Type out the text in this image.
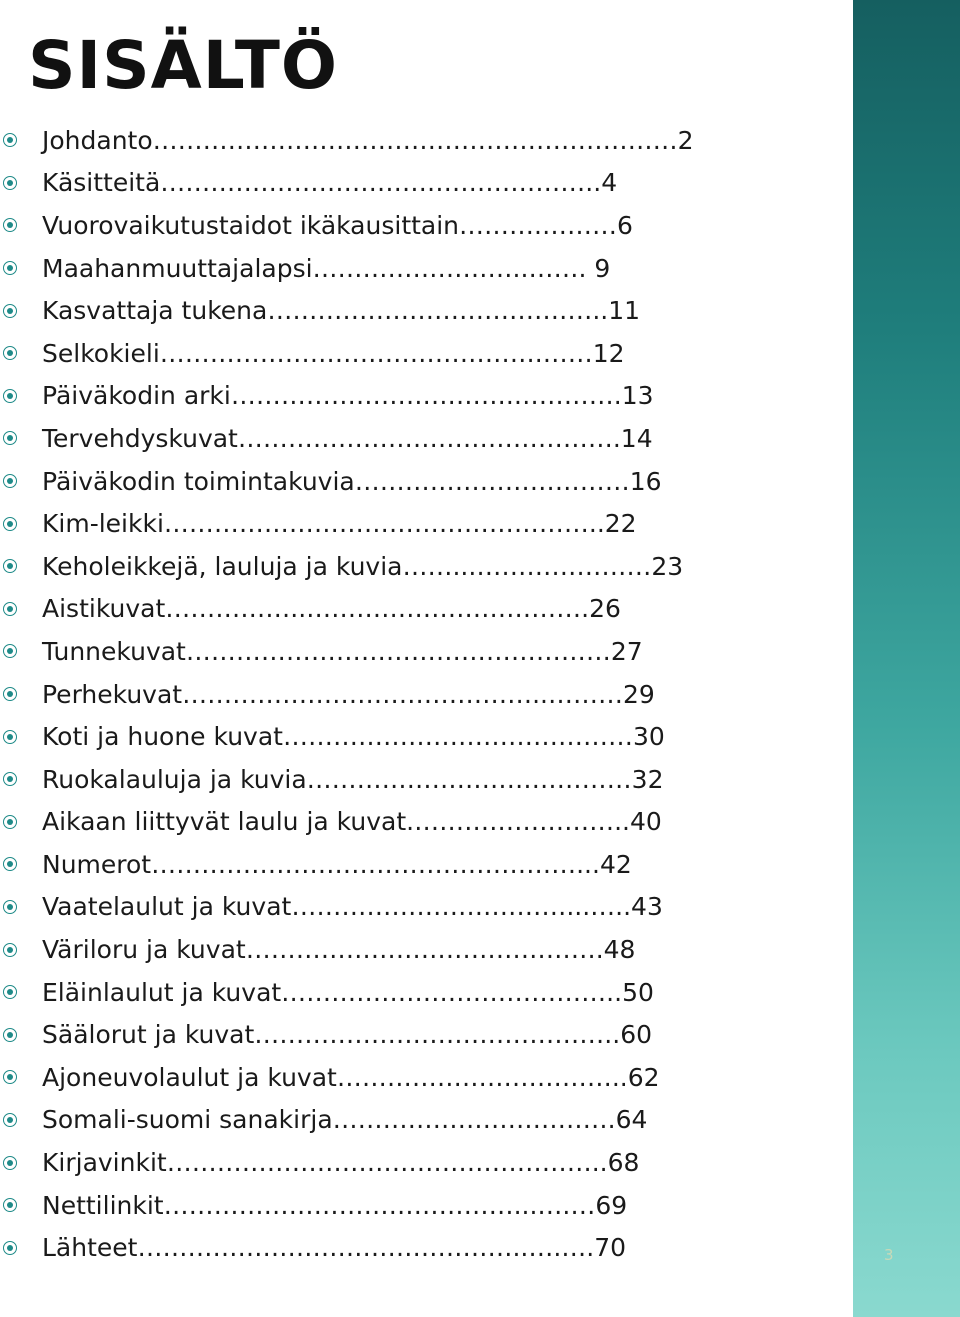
SISÄLTÖ
Johdanto………………………………………………………2
Käsitteitä……………………………………………..4
Vuorovaikutustaidot ikäkausittain……….………6
Maahanmuuttajalapsi……………………..……. 9
Kasvattaja tukena…………………………………..11
Selkokieli……………………………………….……12
Päiväkodin arki…………………………….………….13
Tervehdyskuvat……………………………………….14
Päiväkodin toimintakuvia……………………………16
Kim-leikki……………………………………………..22
Keholeikkejä, lauluja ja kuvia……...…………………23
Aistikuvat……………..…………………………….26
Tunnekuvat……………………………………………27
Perhekuvat……………………………………..………29
Koti ja huone kuvat……………………………………30
Ruokalauluja ja kuvia…………………………………32
Aikaan liittyvät laulu ja kuvat.……………………..40
Numerot……………………………………………...42
Vaatelaulut ja kuvat……………………………...…..43
Väriloru ja kuvat…………………………………….48
Eläinlaulut ja kuvat…………………………………..50
Säälorut ja kuvat……………………………………..60
Ajoneuvolaulut ja kuvat……………………………..62
Somali-suomi sanakirja…………………………….64
Kirjavinkit……………………………………………..68
Nettilinkit……………………………………...….…69
Lähteet………………………………………..….….70	3
